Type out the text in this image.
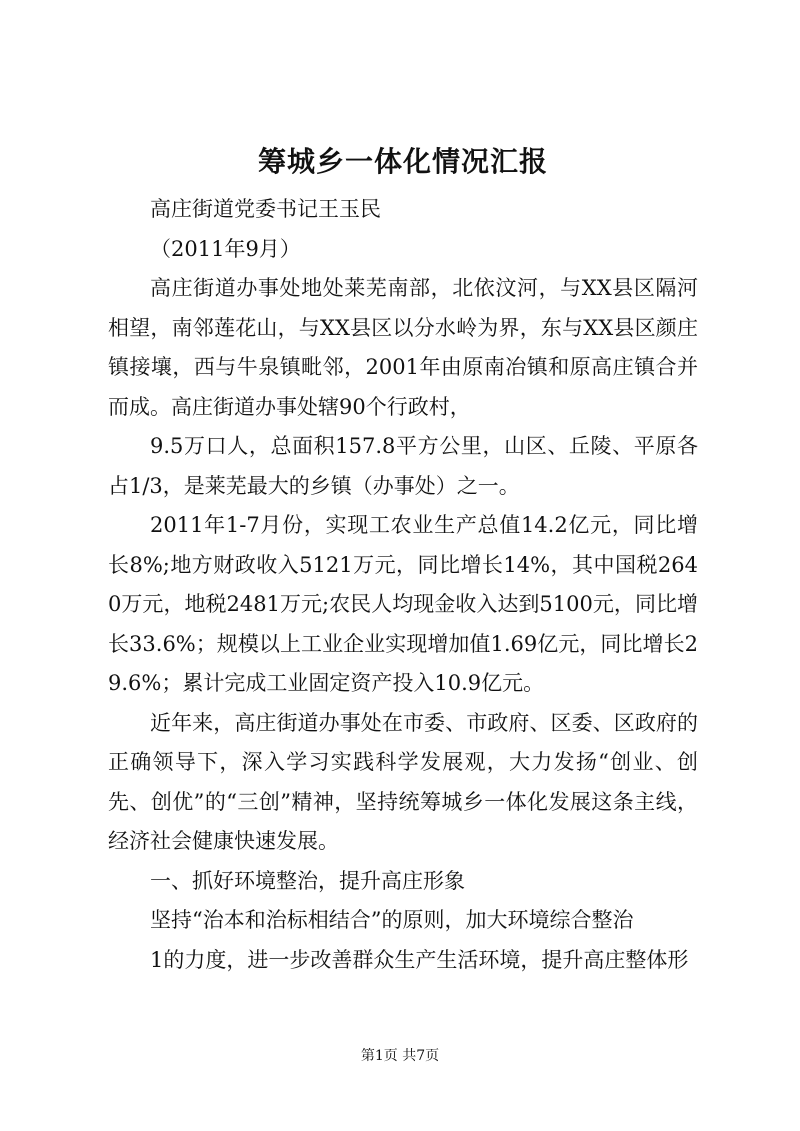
筹城乡一体化情况汇报

高庄街道党委书记王玉民

（2011年9月）

高庄街道办事处地处莱芜南部，北依汶河，与XX县区隔河相望，南邻莲花山，与XX县区以分水岭为界，东与XX县区颜庄镇接壤，西与牛泉镇毗邻，2001年由原南冶镇和原高庄镇合并而成。高庄街道办事处辖90个行政村，

9.5万口人，总面积157.8平方公里，山区、丘陵、平原各占1/3，是莱芜最大的乡镇（办事处）之一。

2011年1-7月份，实现工农业生产总值14.2亿元，同比增长8%;地方财政收入5121万元，同比增长14%，其中国税2640万元，地税2481万元;农民人均现金收入达到5100元，同比增长33.6%；规模以上工业企业实现增加值1.69亿元，同比增长29.6%；累计完成工业固定资产投入10.9亿元。

近年来，高庄街道办事处在市委、市政府、区委、区政府的正确领导下，深入学习实践科学发展观，大力发扬“创业、创先、创优”的“三创”精神，坚持统筹城乡一体化发展这条主线，经济社会健康快速发展。

一、抓好环境整治，提升高庄形象

坚持“治本和治标相结合”的原则，加大环境综合整治

1的力度，进一步改善群众生产生活环境，提升高庄整体形

第1页 共7页
